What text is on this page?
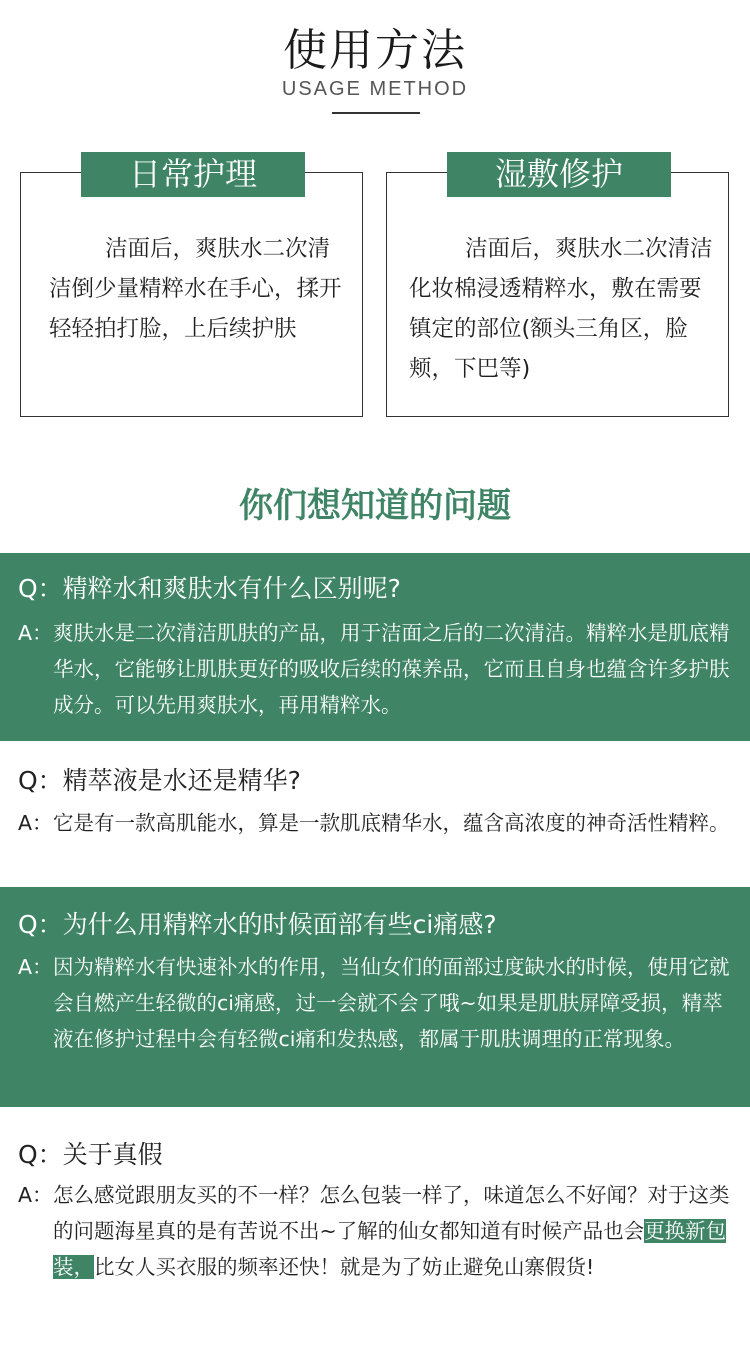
使用方法
USAGE METHOD
日常护理
洁面后，爽肤水二次清洁倒少量精粹水在手心，揉开轻轻拍打脸，上后续护肤
湿敷修护
洁面后，爽肤水二次清洁化妆棉浸透精粹水，敷在需要镇定的部位(额头三角区，脸颊，下巴等)
你们想知道的问题
Q：精粹水和爽肤水有什么区别呢?
A： 爽肤水是二次清洁肌肤的产品，用于洁面之后的二次清洁。精粹水是肌底精华水，它能够让肌肤更好的吸收后续的葆养品，它而且自身也蕴含许多护肤成分。可以先用爽肤水，再用精粹水。
Q：精萃液是水还是精华?
A： 它是有一款高肌能水，算是一款肌底精华水，蕴含高浓度的神奇活性精粹。
Q：为什么用精粹水的时候面部有些ci痛感?
A： 因为精粹水有快速补水的作用，当仙女们的面部过度缺水的时候，使用它就会自燃产生轻微的ci痛感，过一会就不会了哦~如果是肌肤屏障受损，精萃液在修护过程中会有轻微ci痛和发热感，都属于肌肤调理的正常现象。
Q：关于真假
A： 怎么感觉跟朋友买的不一样？怎么包装一样了，味道怎么不好闻？对于这类的问题海星真的是有苦说不出~了解的仙女都知道有时候产品也会更换新包装，比女人买衣服的频率还快！就是为了妨止避免山寨假货!
